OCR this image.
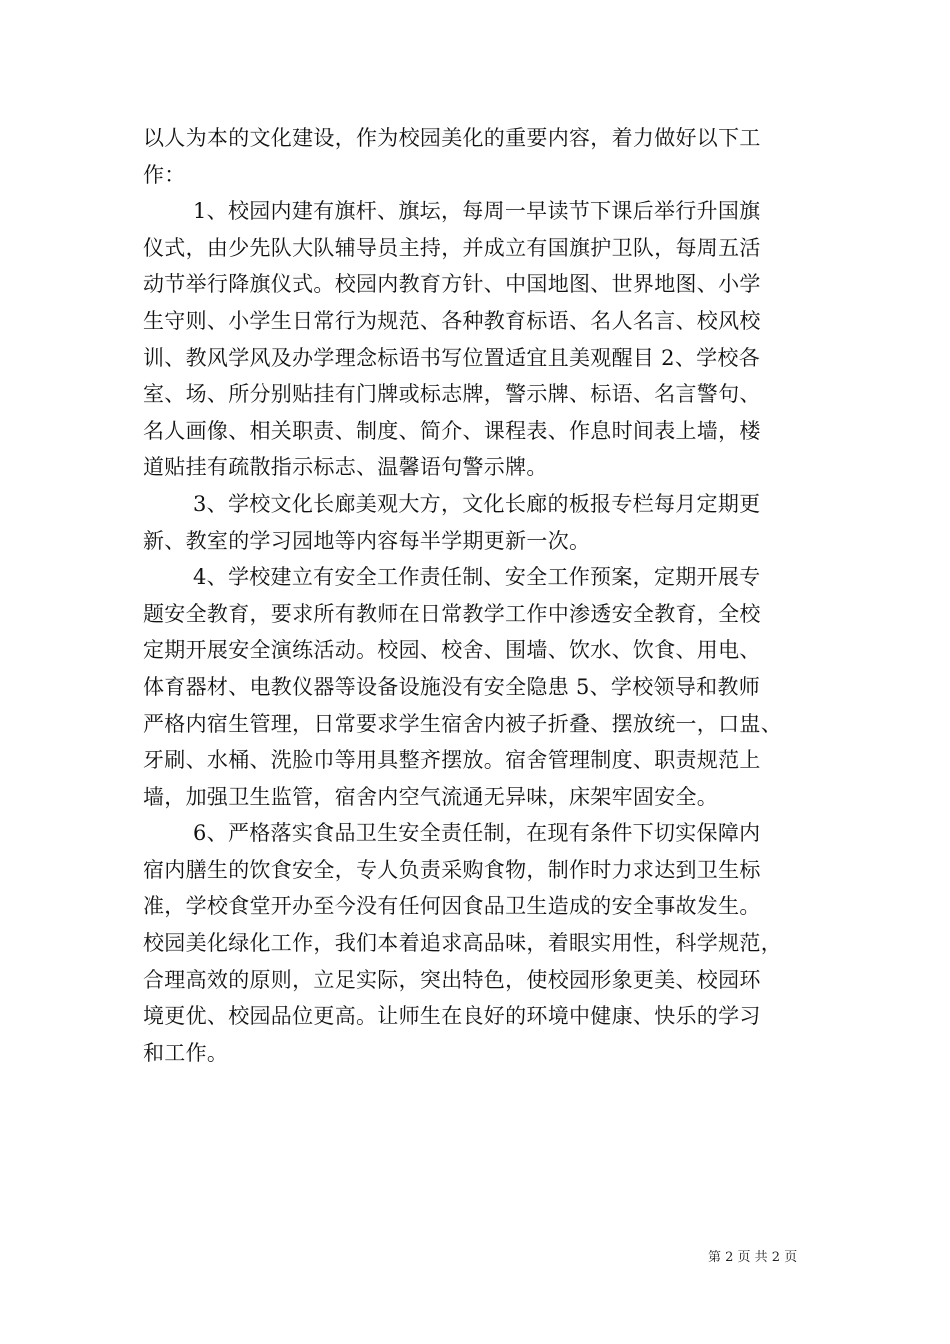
以人为本的文化建设，作为校园美化的重要内容，着力做好以下工
作：
1、校园内建有旗杆、旗坛，每周一早读节下课后举行升国旗
仪式，由少先队大队辅导员主持，并成立有国旗护卫队，每周五活
动节举行降旗仪式。校园内教育方针、中国地图、世界地图、小学
生守则、小学生日常行为规范、各种教育标语、名人名言、校风校
训、教风学风及办学理念标语书写位置适宜且美观醒目 2、学校各
室、场、所分别贴挂有门牌或标志牌，警示牌、标语、名言警句、
名人画像、相关职责、制度、简介、课程表、作息时间表上墙，楼
道贴挂有疏散指示标志、温馨语句警示牌。
3、学校文化长廊美观大方，文化长廊的板报专栏每月定期更
新、教室的学习园地等内容每半学期更新一次。
4、学校建立有安全工作责任制、安全工作预案，定期开展专
题安全教育，要求所有教师在日常教学工作中渗透安全教育，全校
定期开展安全演练活动。校园、校舍、围墙、饮水、饮食、用电、
体育器材、电教仪器等设备设施没有安全隐患 5、学校领导和教师
严格内宿生管理，日常要求学生宿舍内被子折叠、摆放统一，口盅、
牙刷、水桶、洗脸巾等用具整齐摆放。宿舍管理制度、职责规范上
墙，加强卫生监管，宿舍内空气流通无异味，床架牢固安全。
6、严格落实食品卫生安全责任制，在现有条件下切实保障内
宿内膳生的饮食安全，专人负责采购食物，制作时力求达到卫生标
准，学校食堂开办至今没有任何因食品卫生造成的安全事故发生。
校园美化绿化工作，我们本着追求高品味，着眼实用性，科学规范，
合理高效的原则，立足实际，突出特色，使校园形象更美、校园环
境更优、校园品位更高。让师生在良好的环境中健康、快乐的学习
和工作。
第 2 页 共 2 页
